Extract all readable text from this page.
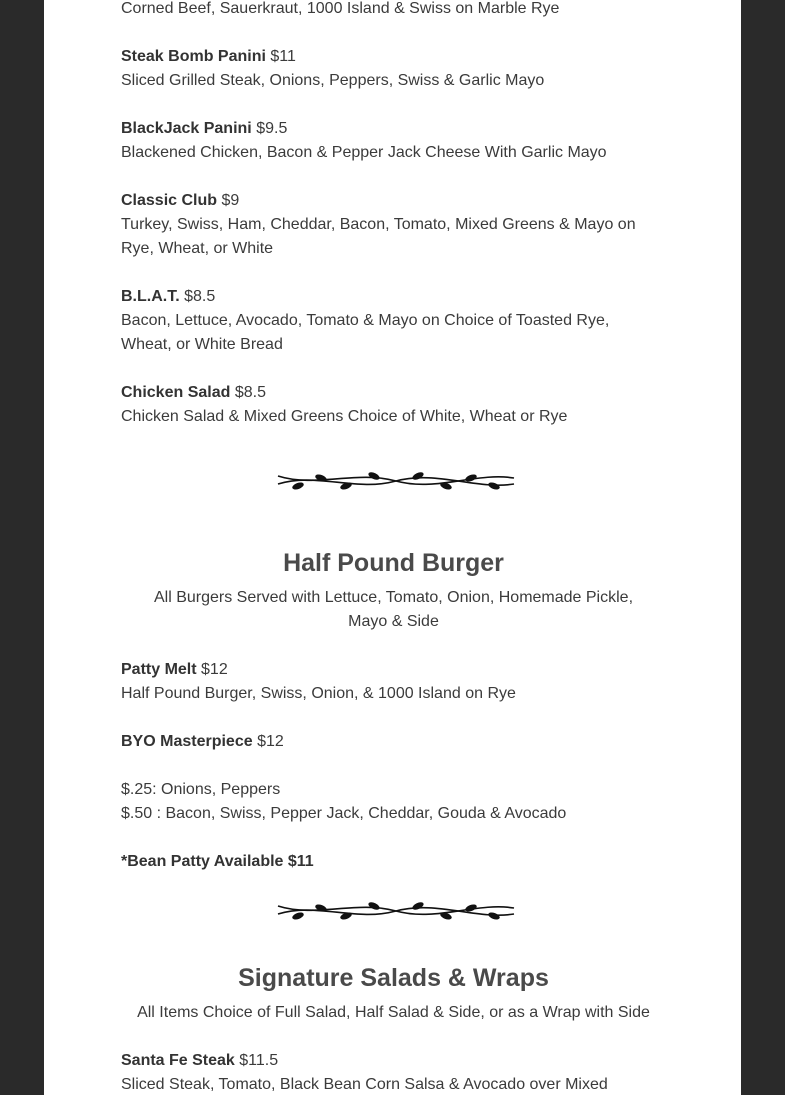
Corned Beef, Sauerkraut, 1000 Island & Swiss on Marble Rye
Steak Bomb Panini $11
Sliced Grilled Steak, Onions, Peppers, Swiss & Garlic Mayo
BlackJack Panini $9.5
Blackened Chicken, Bacon & Pepper Jack Cheese With Garlic Mayo
Classic Club $9
Turkey, Swiss, Ham, Cheddar, Bacon, Tomato, Mixed Greens & Mayo on
Rye, Wheat, or White
B.L.A.T. $8.5
Bacon, Lettuce, Avocado, Tomato & Mayo on Choice of Toasted Rye,
Wheat, or White Bread
Chicken Salad $8.5
Chicken Salad & Mixed Greens Choice of White, Wheat or Rye
Half Pound Burger
All Burgers Served with Lettuce, Tomato, Onion, Homemade Pickle,
Mayo & Side
Patty Melt $12
Half Pound Burger, Swiss, Onion, & 1000 Island on Rye
BYO Masterpiece $12
$.25: Onions, Peppers
$.50 : Bacon, Swiss, Pepper Jack, Cheddar, Gouda & Avocado
*Bean Patty Available $11
Signature Salads & Wraps
All Items Choice of Full Salad, Half Salad & Side, or as a Wrap with Side
Santa Fe Steak $11.5
Sliced Steak, Tomato, Black Bean Corn Salsa & Avocado over Mixed
